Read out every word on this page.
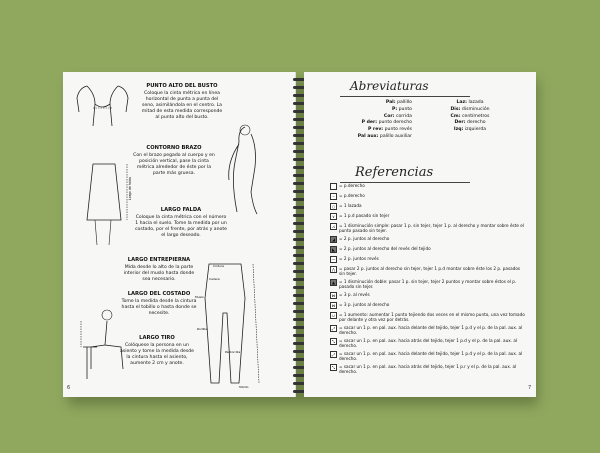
Largo de falda
Cintura
Cadera
Muslo
Rodilla
Pantorrilla
Tobillo
PUNTO ALTO DEL BUSTO
Coloque la cinta métrica en línea horizontal de punta a punta del seno, asimilándola en el centro. La mitad de esta medida corresponde al punto alto del busto.
CONTORNO BRAZO
Con el brazo pegado al cuerpo y en posición vertical, pase la cinta métrica alrededor de éste por la parte más gruesa.
LARGO FALDA
Coloque la cinta métrica con el número 1 hacia el suelo. Tome la medida por un costado, por el frente, por atrás y anote el largo deseado.
LARGO ENTREPIERNA
Mida desde lo alto de la parte interior del muslo hasta donde sea necesario.
LARGO DEL COSTADO
Tome la medida desde la cintura hasta el tobillo o hasta donde se necesite.
LARGO TIRO
Colóquese la persona en un asiento y tome la medida desde la cintura hasta el asiento, aumente 2 cm y anote.
6	7
Abreviaturas
Pal: pallillo
P: punto
Cor: corrida
P der: punto derecho
P rev: punto revés
Pal aux: palillo auxiliar
Laz: lazada
Dis: disminución
Cm: centímetros
Der: derecho
Izq: izquierda
Referencias
= p.derecho
–	= p.derecho
○ = 1 lazada
∨ = 1 p.d pasado sin tejer
⋌ = 1 disminución simple: pasar 1 p. sin tejer, tejer 1 p. al derecho y montar sobre éste el punto pasado sin tejer.
◢ = 2 p. juntos al derecho
◣ = 2 p. juntos al derecho del revés del tejido
— = 2 p. juntos revés
⋀ = pasar 2 p. juntos al derecho sin tejer, tejer 1 p.d montar sobre éste los 2 p. pasados sin tejer.
▲ = 1 disminución doble: pasar 1 p. sin tejer, tejer 2 puntos y montar sobre éstos el p. pasado sin tejer.
⋈ = 3 p. al revés
⋈ = 3 p. juntos al derecho
∪ = 1 aumento: aumentar 1 punto tejiendo dos veces en el mismo punto, una vez tomado por delante y otra vez por detrás.
⤢ = sacar un 1 p. en pal. aux. hacia delante del tejido, tejer 1 p.d y el p. de la pal. aux. al derecho.
⤡ = sacar un 1 p. en pal. aux. hacia atrás del tejido, tejer 1 p.d y el p. de la pal. aux. al derecho.
⤢ = sacar un 1 p. en pal. aux. hacia delante del tejido, tejer 1 p.d y el p. de la pal. aux. al derecho.
⤡ = sacar un 1 p. en pal. aux. hacia atrás del tejido, tejer 1 p.r y el p. de la pal. aux. al derecho.
